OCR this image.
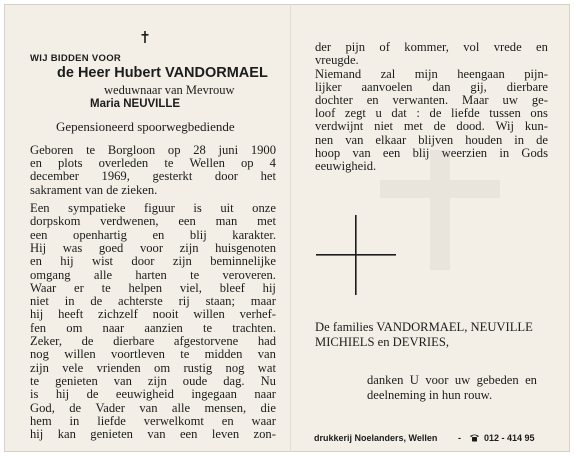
WIJ BIDDEN VOOR
de Heer Hubert VANDORMAEL
weduwnaar van Mevrouw
Maria NEUVILLE
Gepensioneerd spoorwegbediende
Geboren te Borgloon op 28 juni 1900
en plots overleden te Wellen op 4
december 1969, gesterkt door het
sakrament van de zieken.
Een sympatieke figuur is uit onze
dorpskom verdwenen, een man met
een openhartig en blij karakter.
Hij was goed voor zijn huisgenoten
en hij wist door zijn beminnelijke
omgang alle harten te veroveren.
Waar er te helpen viel, bleef hij
niet in de achterste rij staan; maar
hij heeft zichzelf nooit willen verhef-
fen om naar aanzien te trachten.
Zeker, de dierbare afgestorvene had
nog willen voortleven te midden van
zijn vele vrienden om rustig nog wat
te genieten van zijn oude dag. Nu
is hij de eeuwigheid ingegaan naar
God, de Vader van alle mensen, die
hem in liefde verwelkomt en waar
hij kan genieten van een leven zon-
der pijn of kommer, vol vrede en
vreugde.
Niemand zal mijn heengaan pijn-
lijker aanvoelen dan gij, dierbare
dochter en verwanten. Maar uw ge-
loof zegt u dat : de liefde tussen ons
verdwijnt niet met de dood. Wij kun-
nen van elkaar blijven houden in de
hoop van een blij weerzien in Gods
eeuwigheid.
De families VANDORMAEL, NEUVILLE
MICHIELS en DEVRIES,
danken U voor uw gebeden en
deelneming in hun rouw.
drukkerij Noelanders, Wellen -	012 - 414 95
